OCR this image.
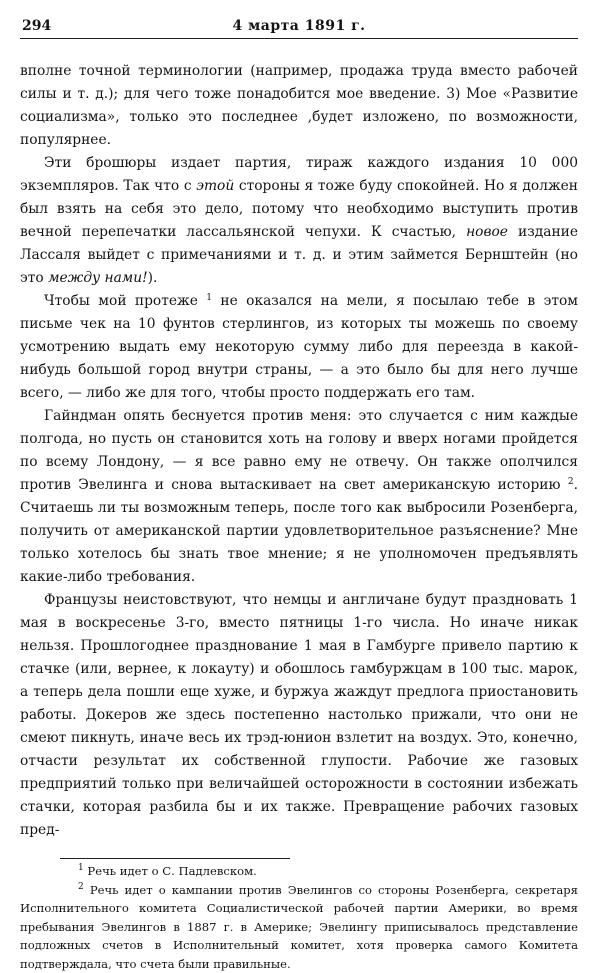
294	4 марта 1891 г.

вполне точной терминологии (например, продажа труда вместо рабочей силы и т. д.); для чего тоже понадобится мое введение. 3) Мое «Развитие социализма», только это последнее ,будет изложено, по возможности, популярнее.

Эти брошюры издает партия, тираж каждого издания 10 000 экземпляров. Так что с этой стороны я тоже буду спокойней. Но я должен был взять на себя это дело, потому что необходимо выступить против вечной перепечатки лассальянской чепухи. К счастью, новое издание Лассаля выйдет с примечаниями и т. д. и этим займется Бернштейн (но это между нами!).

Чтобы мой протеже $^1$ не оказался на мели, я посылаю тебе в этом письме чек на 10 фунтов стерлингов, из которых ты можешь по своему усмотрению выдать ему некоторую сумму либо для переезда в какой-нибудь большой город внутри страны, — а это было бы для него лучше всего, — либо же для того, чтобы просто поддержать его там.

Гайндман опять беснуется против меня: это случается с ним каждые полгода, но пусть он становится хоть на голову и вверх ногами пройдется по всему Лондону, — я все равно ему не отвечу. Он также ополчился против Эвелинга и снова вытаскивает на свет американскую историю $^2$. Считаешь ли ты возможным теперь, после того как выбросили Розенберга, получить от американской партии удовлетворительное разъяснение? Мне только хотелось бы знать твое мнение; я не уполномочен предъявлять какие-либо требования.

Французы неистовствуют, что немцы и англичане будут праздновать 1 мая в воскресенье 3-го, вместо пятницы 1-го числа. Но иначе никак нельзя. Прошлогоднее празднование 1 мая в Гамбурге привело партию к стачке (или, вернее, к локауту) и обошлось гамбуржцам в 100 тыс. марок, а теперь дела пошли еще хуже, и буржуа жаждут предлога приостановить работы. Докеров же здесь постепенно настолько прижали, что они не смеют пикнуть, иначе весь их трэд-юнион взлетит на воздух. Это, конечно, отчасти результат их собственной глупости. Рабочие же газовых предприятий только при величайшей осторожности в состоянии избежать стачки, которая разбила бы и их также. Превращение рабочих газовых пред-

$^1$ Речь идет о С. Падлевском.

$^2$ Речь идет о кампании против Эвелингов со стороны Розенберга, секретаря Исполнительного комитета Социалистической рабочей партии Америки, во время пребывания Эвелингов в 1887 г. в Америке; Эвелингу приписывалось представление подложных счетов в Исполнительный комитет, хотя проверка самого Комитета подтверждала, что счета были правильные.
